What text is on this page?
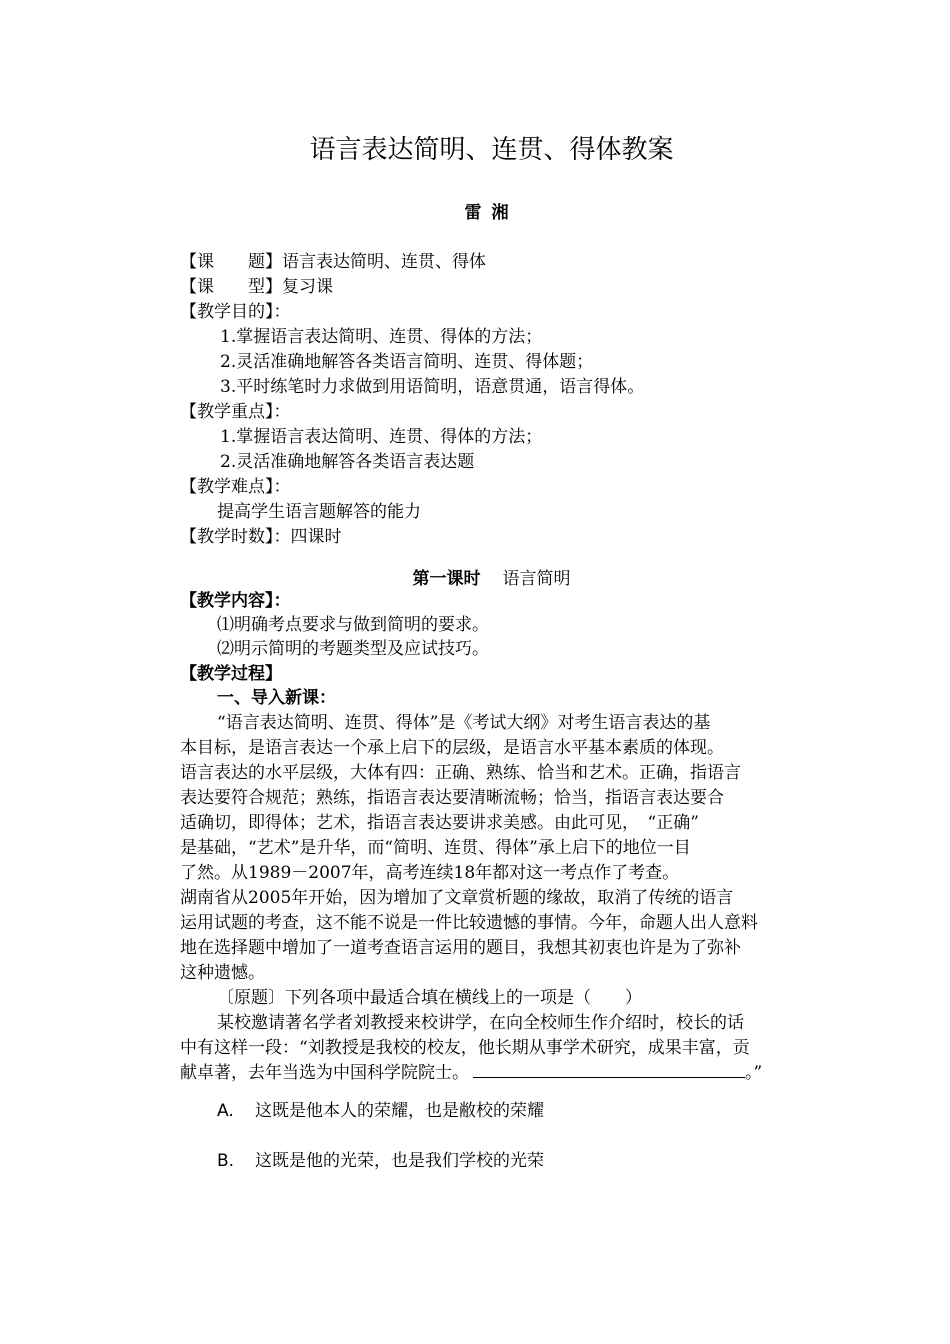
语言表达简明、连贯、得体教案
雷湘
【课　　题】语言表达简明、连贯、得体
【课　　型】复习课
【教学目的】：
1.掌握语言表达简明、连贯、得体的方法；
2.灵活准确地解答各类语言简明、连贯、得体题；
3.平时练笔时力求做到用语简明，语意贯通，语言得体。
【教学重点】：
1.掌握语言表达简明、连贯、得体的方法；
2.灵活准确地解答各类语言表达题
【教学难点】：
提高学生语言题解答的能力
【教学时数】：四课时
第一课时 语言简明
【教学内容】：
⑴明确考点要求与做到简明的要求。
⑵明示简明的考题类型及应试技巧。
【教学过程】
一、导入新课：
“语言表达简明、连贯、得体”是《考试大纲》对考生语言表达的基
本目标，是语言表达一个承上启下的层级，是语言水平基本素质的体现。
语言表达的水平层级，大体有四：正确、熟练、恰当和艺术。正确，指语言
表达要符合规范；熟练，指语言表达要清晰流畅；恰当，指语言表达要合
适确切，即得体；艺术，指语言表达要讲求美感。由此可见，　“正确”
是基础，“艺术”是升华，而“简明、连贯、得体”承上启下的地位一目
了然。从1989－2007年，高考连续18年都对这一考点作了考查。
湖南省从2005年开始，因为增加了文章赏析题的缘故，取消了传统的语言
运用试题的考查，这不能不说是一件比较遗憾的事情。今年，命题人出人意料
地在选择题中增加了一道考查语言运用的题目，我想其初衷也许是为了弥补
这种遗憾。
〔原题〕下列各项中最适合填在横线上的一项是（　　）
某校邀请著名学者刘教授来校讲学，在向全校师生作介绍时，校长的话
中有这样一段：“刘教授是我校的校友，他长期从事学术研究，成果丰富，贡
献卓著，去年当选为中国科学院院士。	。”
A. 这既是他本人的荣耀，也是敝校的荣耀
B. 这既是他的光荣，也是我们学校的光荣
